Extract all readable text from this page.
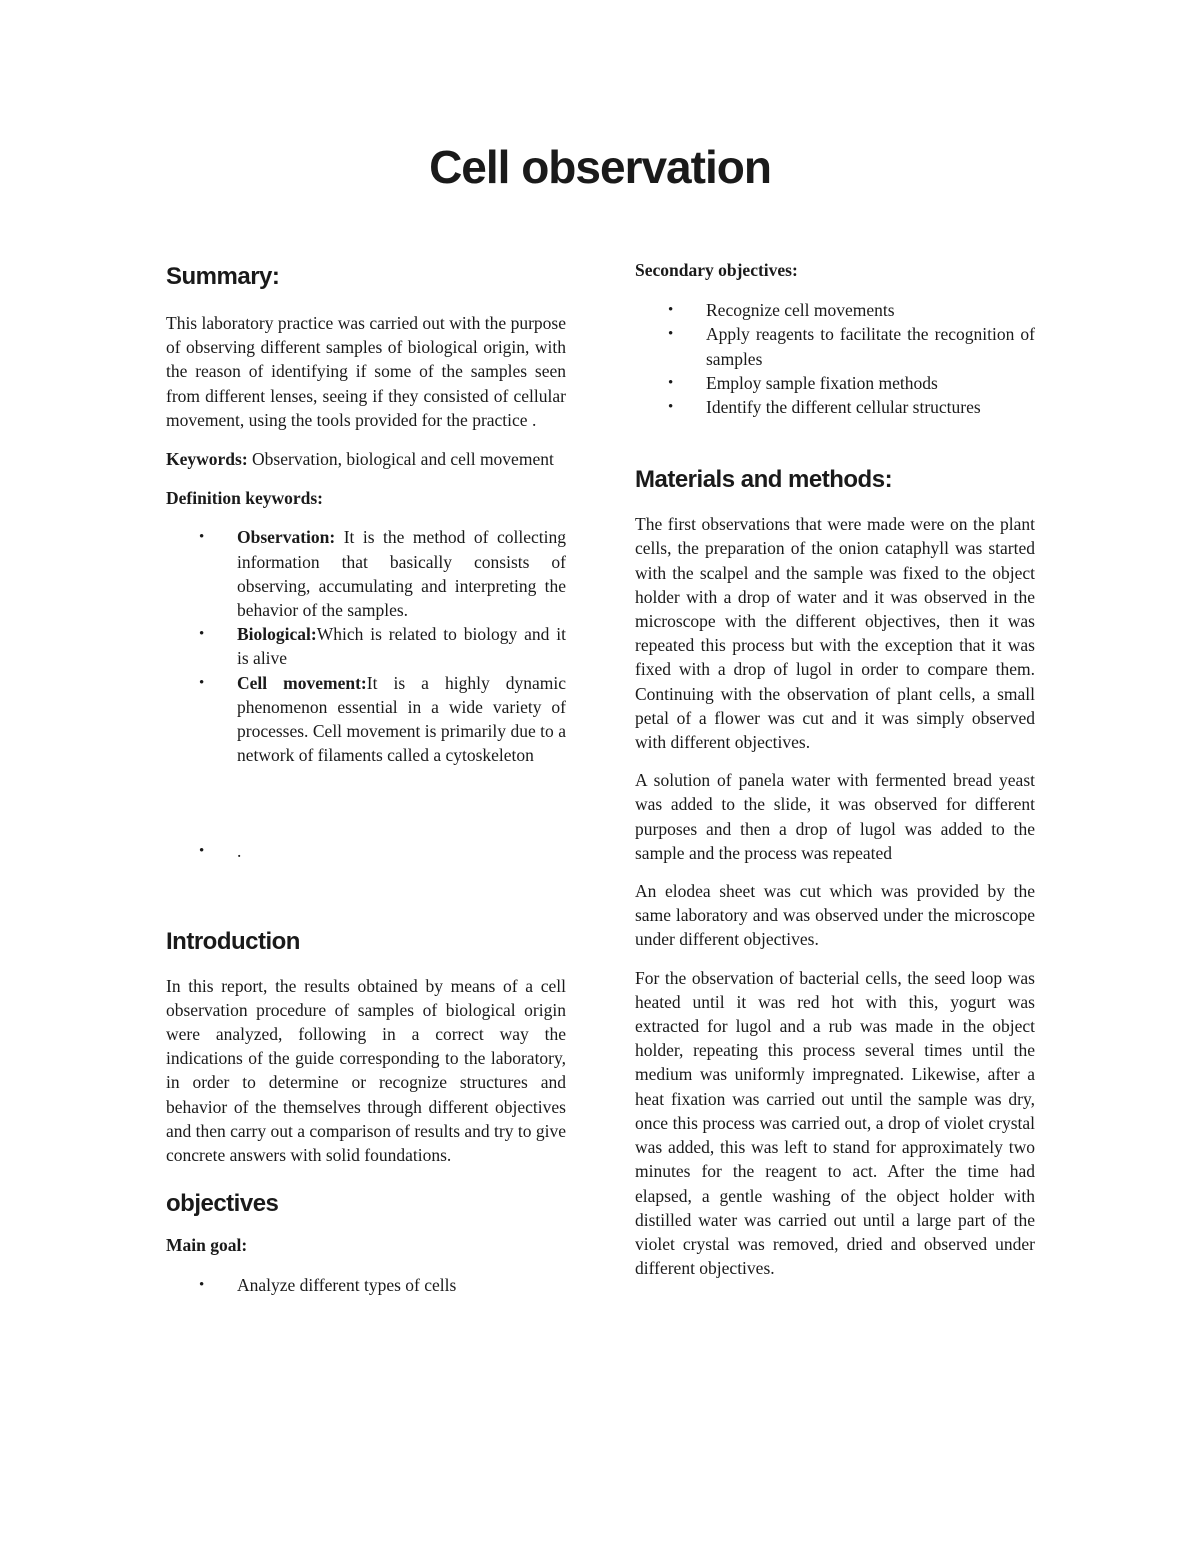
Cell observation
Summary:

This laboratory practice was carried out with the purpose of observing different samples of biological origin, with the reason of identifying if some of the samples seen from different lenses, seeing if they consisted of cellular movement, using the tools provided for the practice .

Keywords: Observation, biological and cell movement

Definition keywords:

• Observation: It is the method of collecting information that basically consists of observing, accumulating and interpreting the behavior of the samples.
• Biological:Which is related to biology and it is alive
• Cell movement:It is a highly dynamic phenomenon essential in a wide variety of processes. Cell movement is primarily due to a network of filaments called a cytoskeleton
• .
Introduction

In this report, the results obtained by means of a cell observation procedure of samples of biological origin were analyzed, following in a correct way the indications of the guide corresponding to the laboratory, in order to determine or recognize structures and behavior of the themselves through different objectives and then carry out a comparison of results and try to give concrete answers with solid foundations.

objectives

Main goal:

• Analyze different types of cells

Secondary objectives:

• Recognize cell movements
• Apply reagents to facilitate the recognition of samples
• Employ sample fixation methods
• Identify the different cellular structures
Materials and methods:

The first observations that were made were on the plant cells, the preparation of the onion cataphyll was started with the scalpel and the sample was fixed to the object holder with a drop of water and it was observed in the microscope with the different objectives, then it was repeated this process but with the exception that it was fixed with a drop of lugol in order to compare them. Continuing with the observation of plant cells, a small petal of a flower was cut and it was simply observed with different objectives.

A solution of panela water with fermented bread yeast was added to the slide, it was observed for different purposes and then a drop of lugol was added to the sample and the process was repeated

An elodea sheet was cut which was provided by the same laboratory and was observed under the microscope under different objectives.

For the observation of bacterial cells, the seed loop was heated until it was red hot with this, yogurt was extracted for lugol and a rub was made in the object holder, repeating this process several times until the medium was uniformly impregnated. Likewise, after a heat fixation was carried out until the sample was dry, once this process was carried out, a drop of violet crystal was added, this was left to stand for approximately two minutes for the reagent to act. After the time had elapsed, a gentle washing of the object holder with distilled water was carried out until a large part of the violet crystal was removed, dried and observed under different objectives.
